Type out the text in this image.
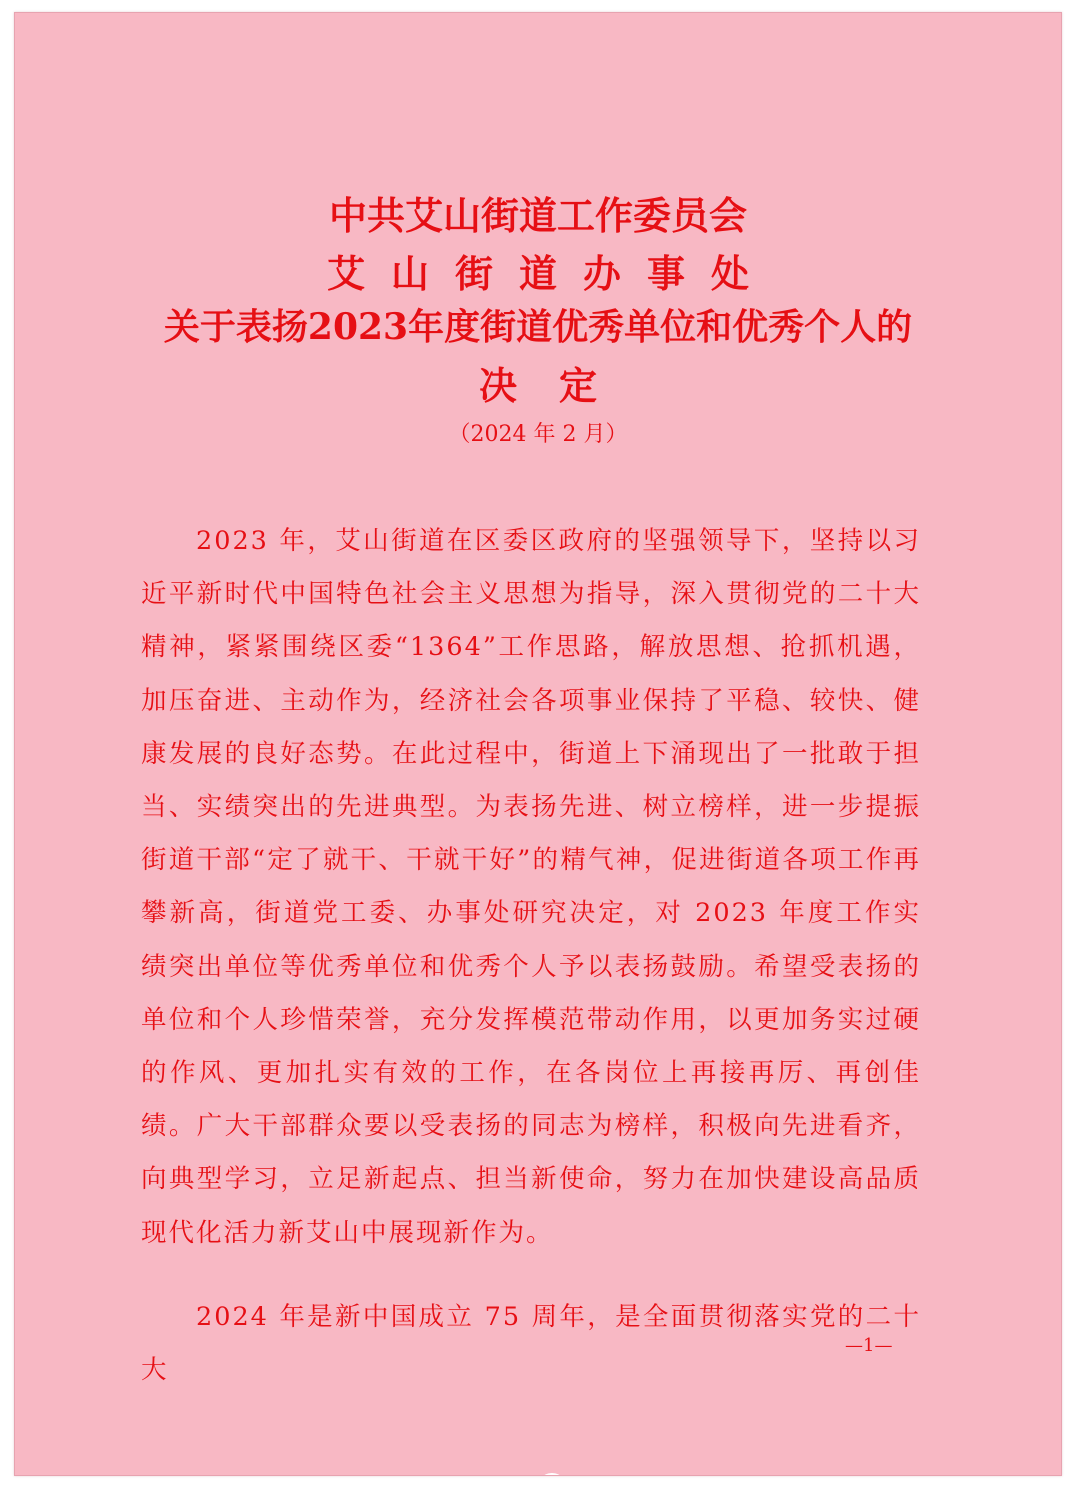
中共艾山街道工作委员会
艾山街道办事处
关于表扬2023年度街道优秀单位和优秀个人的
决定
（2024 年 2 月）

2023 年，艾山街道在区委区政府的坚强领导下，坚持以习近平新时代中国特色社会主义思想为指导，深入贯彻党的二十大精神，紧紧围绕区委“1364”工作思路，解放思想、抢抓机遇，加压奋进、主动作为，经济社会各项事业保持了平稳、较快、健康发展的良好态势。在此过程中，街道上下涌现出了一批敢于担当、实绩突出的先进典型。为表扬先进、树立榜样，进一步提振街道干部“定了就干、干就干好”的精气神，促进街道各项工作再攀新高，街道党工委、办事处研究决定，对 2023 年度工作实绩突出单位等优秀单位和优秀个人予以表扬鼓励。希望受表扬的单位和个人珍惜荣誉，充分发挥模范带动作用，以更加务实过硬的作风、更加扎实有效的工作，在各岗位上再接再厉、再创佳绩。广大干部群众要以受表扬的同志为榜样，积极向先进看齐，向典型学习，立足新起点、担当新使命，努力在加快建设高品质现代化活力新艾山中展现新作为。

2024 年是新中国成立 75 周年，是全面贯彻落实党的二十大

—1—
